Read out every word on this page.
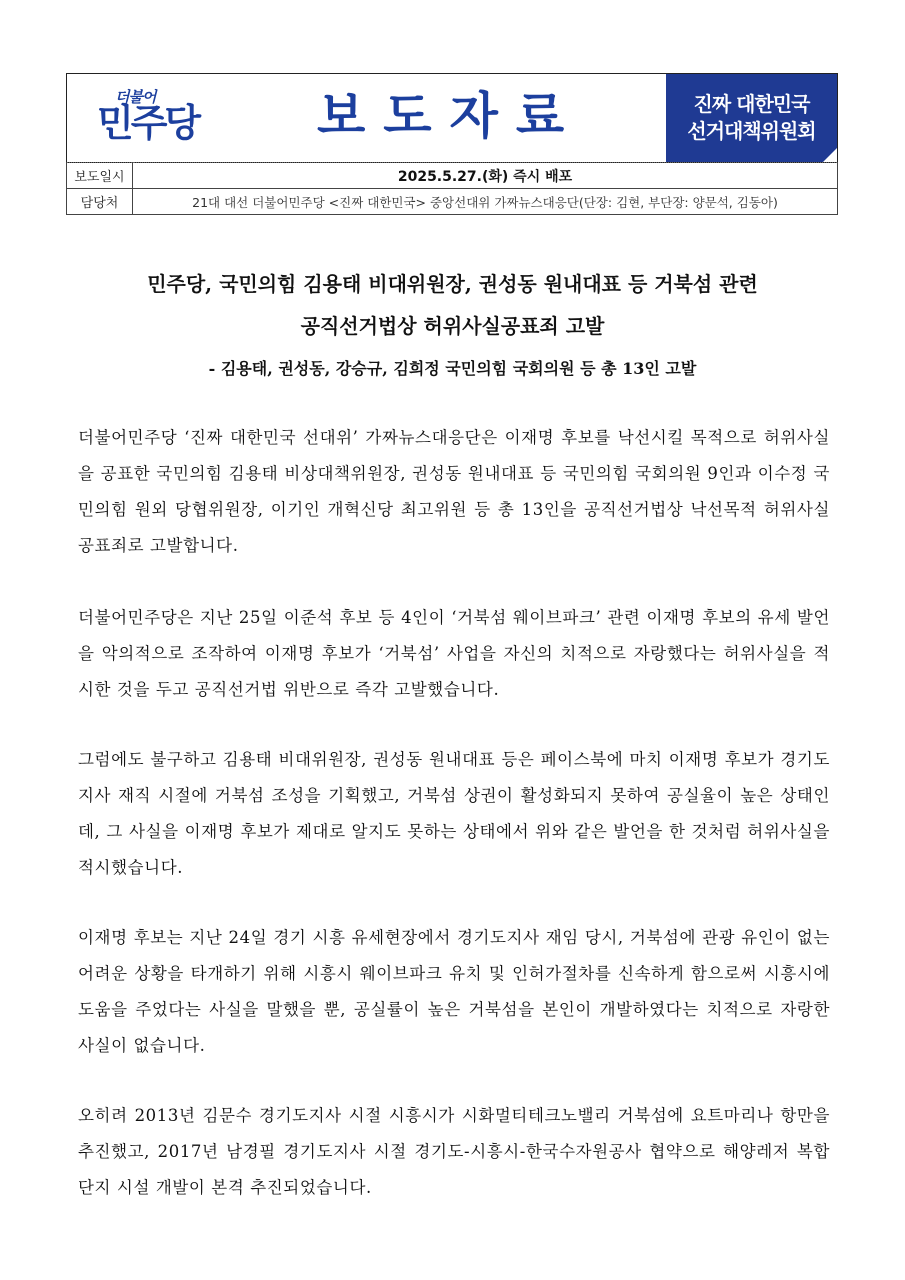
더불어
민주당 보도자료	진짜 대한민국
선거대책위원회
보도일시	2025.5.27.(화) 즉시 배포
담당처	21대 대선 더불어민주당 <진짜 대한민국> 중앙선대위 가짜뉴스대응단(단장: 김현, 부단장: 양문석, 김동아)
민주당, 국민의힘 김용태 비대위원장, 권성동 원내대표 등 거북섬 관련
공직선거법상 허위사실공표죄 고발
- 김용태, 권성동, 강승규, 김희정 국민의힘 국회의원 등 총 13인 고발

더불어민주당 ‘진짜 대한민국 선대위’ 가짜뉴스대응단은 이재명 후보를 낙선시킬 목적으로 허위사실을 공표한 국민의힘 김용태 비상대책위원장, 권성동 원내대표 등 국민의힘 국회의원 9인과 이수정 국민의힘 원외 당협위원장, 이기인 개혁신당 최고위원 등 총 13인을 공직선거법상 낙선목적 허위사실공표죄로 고발합니다.

더불어민주당은 지난 25일 이준석 후보 등 4인이 ‘거북섬 웨이브파크’ 관련 이재명 후보의 유세 발언을 악의적으로 조작하여 이재명 후보가 ‘거북섬’ 사업을 자신의 치적으로 자랑했다는 허위사실을 적시한 것을 두고 공직선거법 위반으로 즉각 고발했습니다.

그럼에도 불구하고 김용태 비대위원장, 권성동 원내대표 등은 페이스북에 마치 이재명 후보가 경기도지사 재직 시절에 거북섬 조성을 기획했고, 거북섬 상권이 활성화되지 못하여 공실율이 높은 상태인데, 그 사실을 이재명 후보가 제대로 알지도 못하는 상태에서 위와 같은 발언을 한 것처럼 허위사실을 적시했습니다.

이재명 후보는 지난 24일 경기 시흥 유세현장에서 경기도지사 재임 당시, 거북섬에 관광 유인이 없는 어려운 상황을 타개하기 위해 시흥시 웨이브파크 유치 및 인허가절차를 신속하게 함으로써 시흥시에 도움을 주었다는 사실을 말했을 뿐, 공실률이 높은 거북섬을 본인이 개발하였다는 치적으로 자랑한 사실이 없습니다.

오히려 2013년 김문수 경기도지사 시절 시흥시가 시화멀티테크노밸리 거북섬에 요트마리나 항만을 추진했고, 2017년 남경필 경기도지사 시절 경기도-시흥시-한국수자원공사 협약으로 해양레저 복합단지 시설 개발이 본격 추진되었습니다.
